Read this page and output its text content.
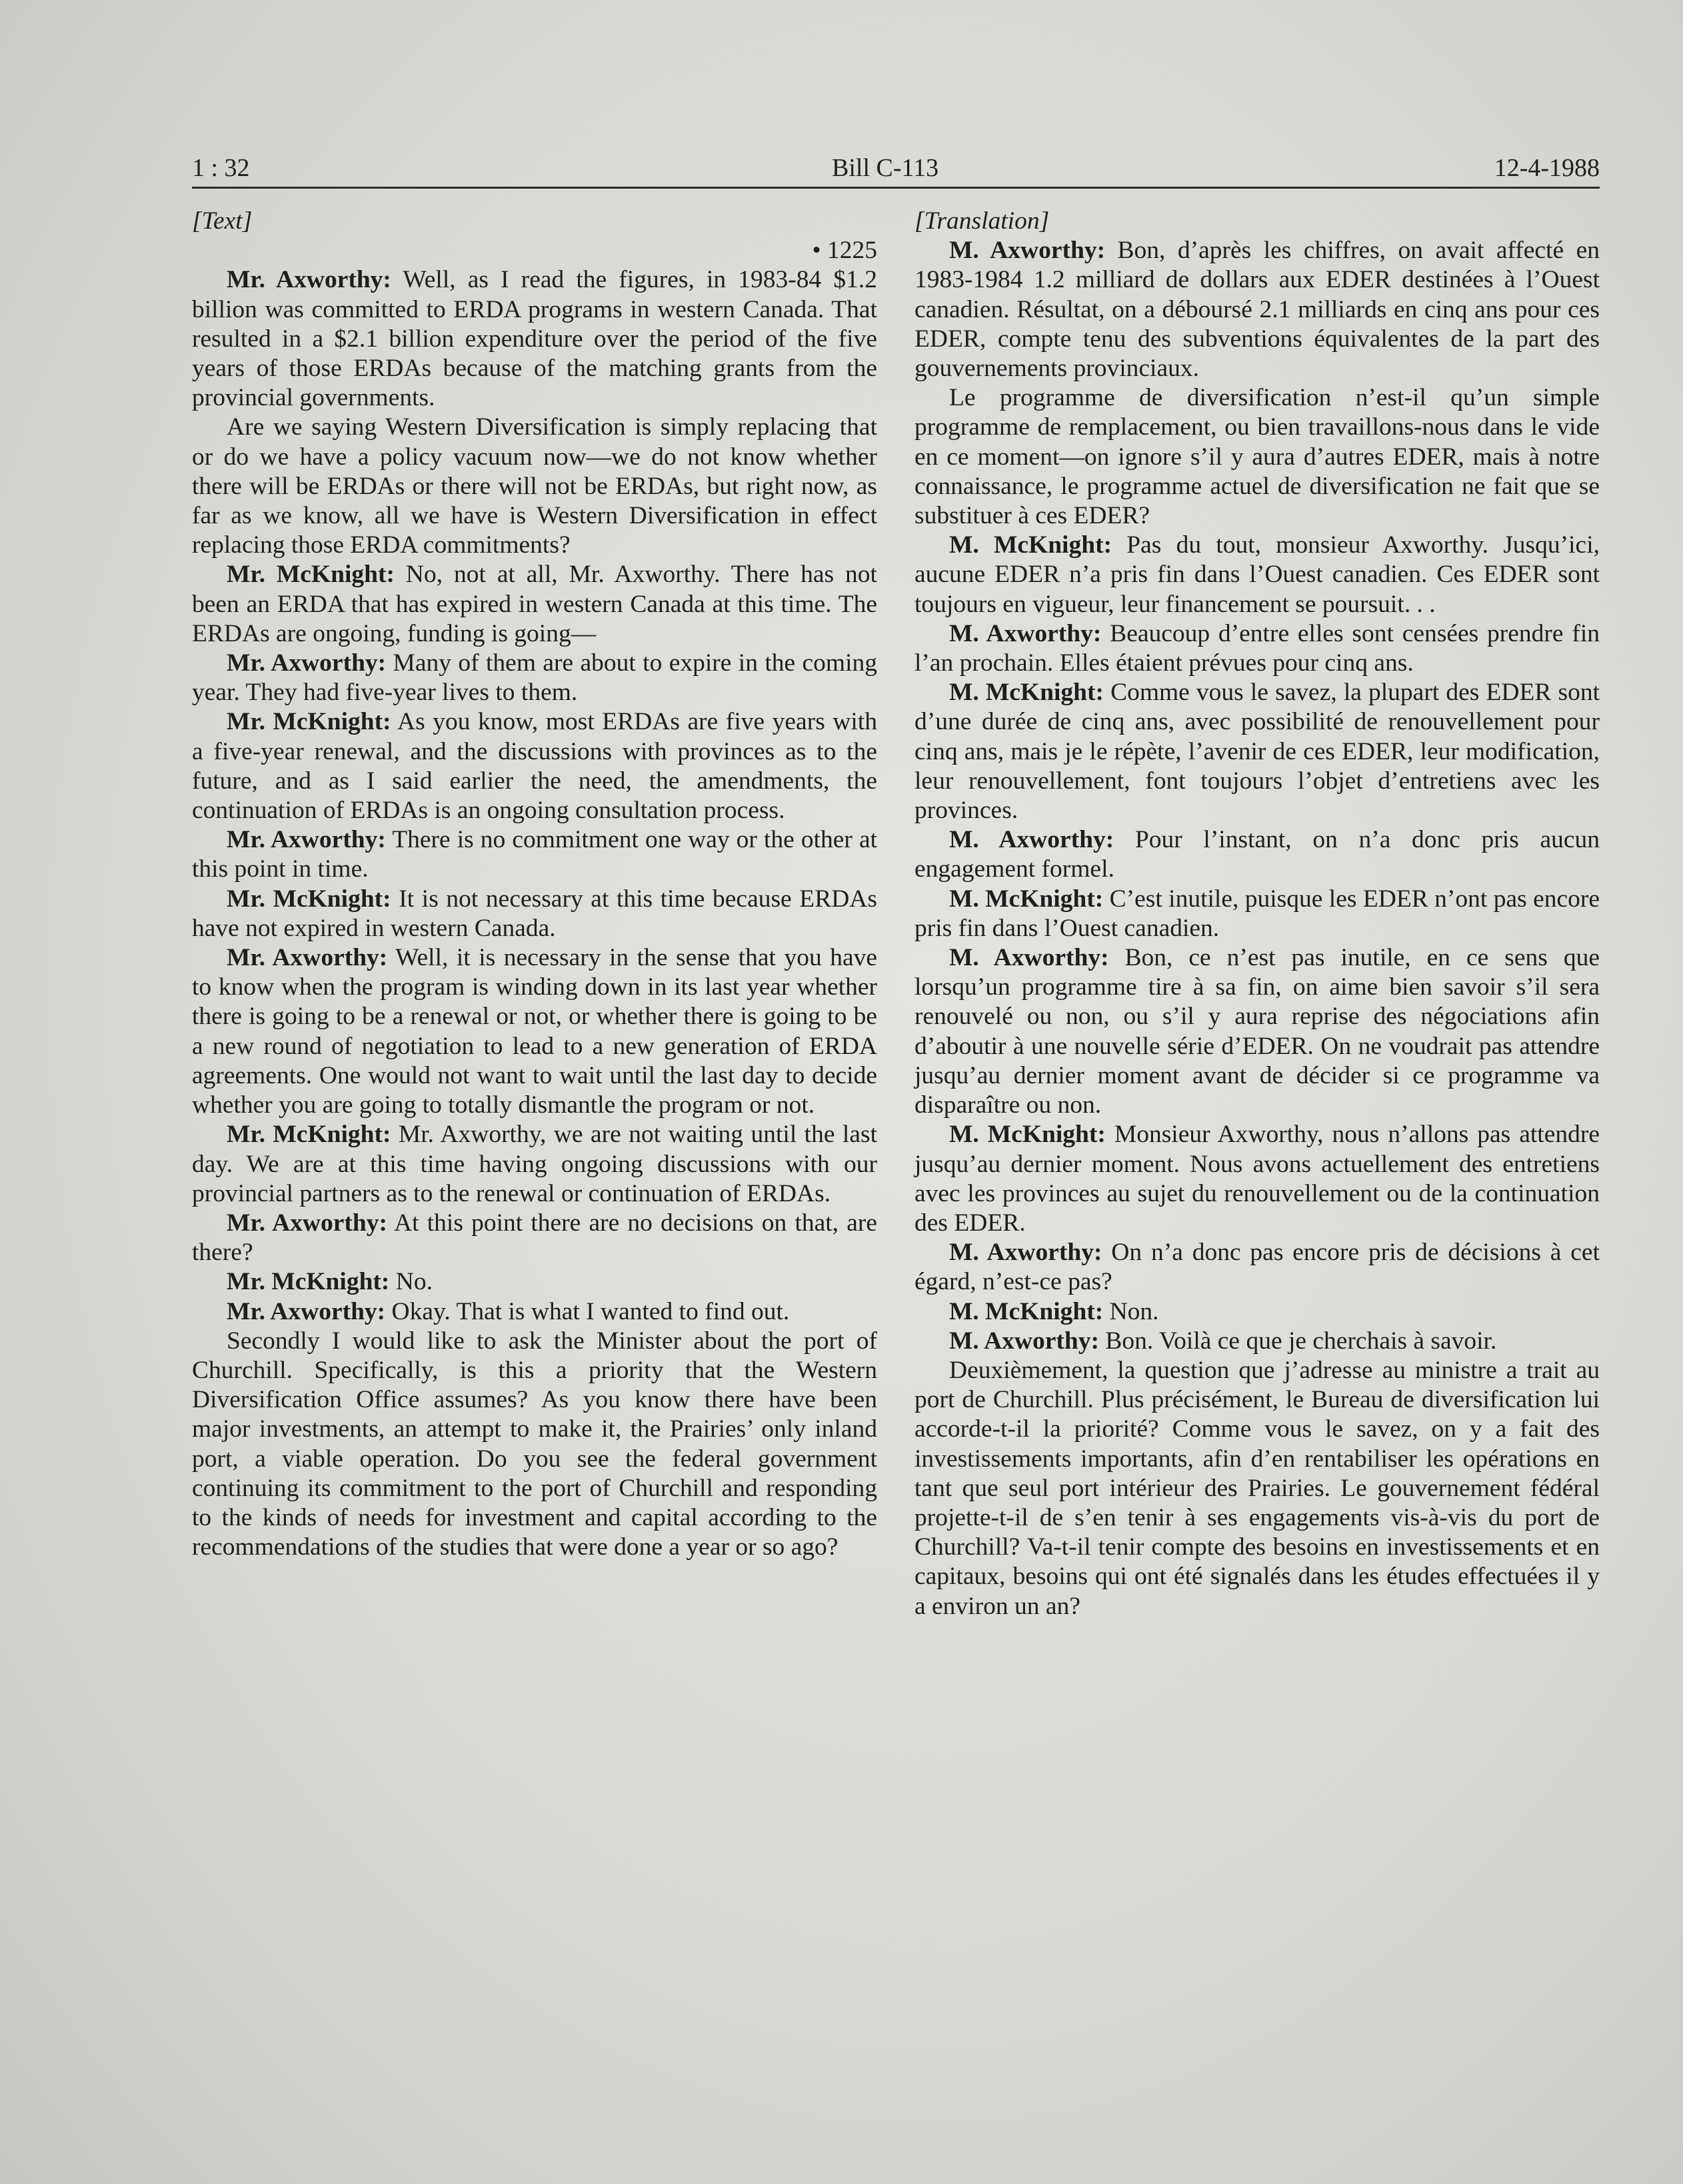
1 : 32	Bill C-113	12-4-1988

[Text]

• 1225

Mr. Axworthy: Well, as I read the figures, in 1983-84 $1.2 billion was committed to ERDA programs in western Canada. That resulted in a $2.1 billion expenditure over the period of the five years of those ERDAs because of the matching grants from the provincial governments.

Are we saying Western Diversification is simply replacing that or do we have a policy vacuum now—we do not know whether there will be ERDAs or there will not be ERDAs, but right now, as far as we know, all we have is Western Diversification in effect replacing those ERDA commitments?

Mr. McKnight: No, not at all, Mr. Axworthy. There has not been an ERDA that has expired in western Canada at this time. The ERDAs are ongoing, funding is going—

Mr. Axworthy: Many of them are about to expire in the coming year. They had five-year lives to them.

Mr. McKnight: As you know, most ERDAs are five years with a five-year renewal, and the discussions with provinces as to the future, and as I said earlier the need, the amendments, the continuation of ERDAs is an ongoing consultation process.

Mr. Axworthy: There is no commitment one way or the other at this point in time.

Mr. McKnight: It is not necessary at this time because ERDAs have not expired in western Canada.

Mr. Axworthy: Well, it is necessary in the sense that you have to know when the program is winding down in its last year whether there is going to be a renewal or not, or whether there is going to be a new round of negotiation to lead to a new generation of ERDA agreements. One would not want to wait until the last day to decide whether you are going to totally dismantle the program or not.

Mr. McKnight: Mr. Axworthy, we are not waiting until the last day. We are at this time having ongoing discussions with our provincial partners as to the renewal or continuation of ERDAs.

Mr. Axworthy: At this point there are no decisions on that, are there?

Mr. McKnight: No.

Mr. Axworthy: Okay. That is what I wanted to find out.

Secondly I would like to ask the Minister about the port of Churchill. Specifically, is this a priority that the Western Diversification Office assumes? As you know there have been major investments, an attempt to make it, the Prairies’ only inland port, a viable operation. Do you see the federal government continuing its commitment to the port of Churchill and responding to the kinds of needs for investment and capital according to the recommendations of the studies that were done a year or so ago?

[Translation]

M. Axworthy: Bon, d’après les chiffres, on avait affecté en 1983-1984 1.2 milliard de dollars aux EDER destinées à l’Ouest canadien. Résultat, on a déboursé 2.1 milliards en cinq ans pour ces EDER, compte tenu des subventions équivalentes de la part des gouvernements provinciaux.

Le programme de diversification n’est-il qu’un simple programme de remplacement, ou bien travaillons-nous dans le vide en ce moment—on ignore s’il y aura d’autres EDER, mais à notre connaissance, le programme actuel de diversification ne fait que se substituer à ces EDER?

M. McKnight: Pas du tout, monsieur Axworthy. Jusqu’ici, aucune EDER n’a pris fin dans l’Ouest canadien. Ces EDER sont toujours en vigueur, leur financement se poursuit. . .

M. Axworthy: Beaucoup d’entre elles sont censées prendre fin l’an prochain. Elles étaient prévues pour cinq ans.

M. McKnight: Comme vous le savez, la plupart des EDER sont d’une durée de cinq ans, avec possibilité de renouvellement pour cinq ans, mais je le répète, l’avenir de ces EDER, leur modification, leur renouvellement, font toujours l’objet d’entretiens avec les provinces.

M. Axworthy: Pour l’instant, on n’a donc pris aucun engagement formel.

M. McKnight: C’est inutile, puisque les EDER n’ont pas encore pris fin dans l’Ouest canadien.

M. Axworthy: Bon, ce n’est pas inutile, en ce sens que lorsqu’un programme tire à sa fin, on aime bien savoir s’il sera renouvelé ou non, ou s’il y aura reprise des négociations afin d’aboutir à une nouvelle série d’EDER. On ne voudrait pas attendre jusqu’au dernier moment avant de décider si ce programme va disparaître ou non.

M. McKnight: Monsieur Axworthy, nous n’allons pas attendre jusqu’au dernier moment. Nous avons actuellement des entretiens avec les provinces au sujet du renouvellement ou de la continuation des EDER.

M. Axworthy: On n’a donc pas encore pris de décisions à cet égard, n’est-ce pas?

M. McKnight: Non.

M. Axworthy: Bon. Voilà ce que je cherchais à savoir.

Deuxièmement, la question que j’adresse au ministre a trait au port de Churchill. Plus précisément, le Bureau de diversification lui accorde-t-il la priorité? Comme vous le savez, on y a fait des investissements importants, afin d’en rentabiliser les opérations en tant que seul port intérieur des Prairies. Le gouvernement fédéral projette-t-il de s’en tenir à ses engagements vis-à-vis du port de Churchill? Va-t-il tenir compte des besoins en investissements et en capitaux, besoins qui ont été signalés dans les études effectuées il y a environ un an?
